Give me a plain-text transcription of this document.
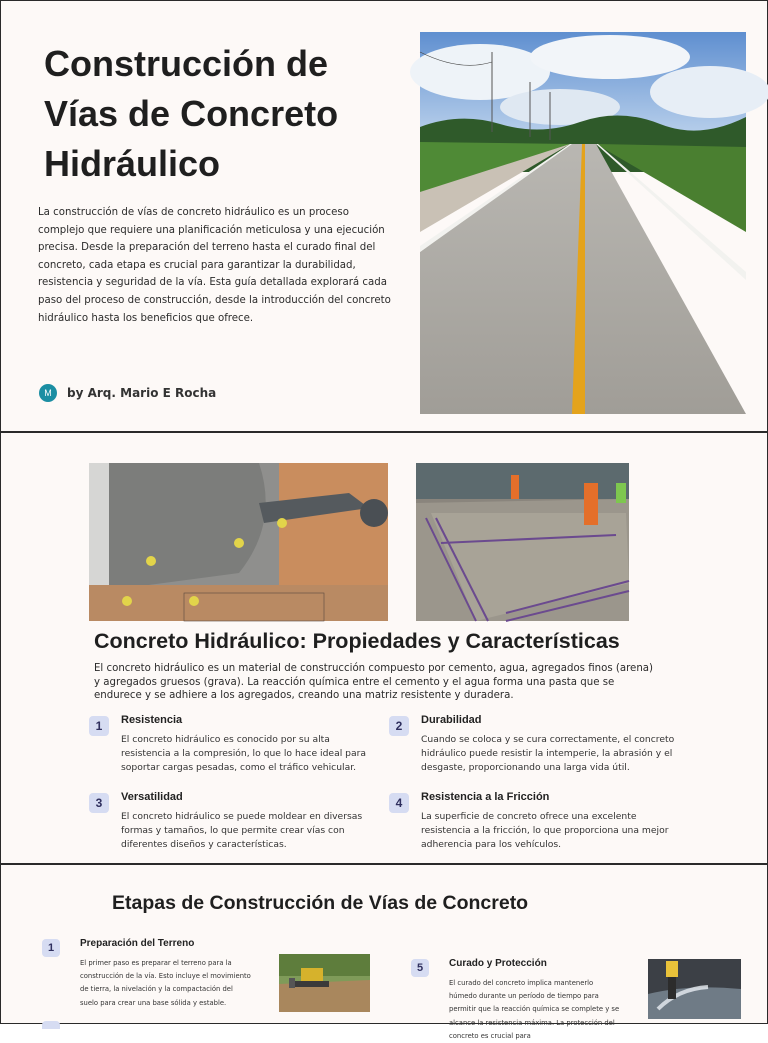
Construcción de Vías de Concreto Hidráulico

La construcción de vías de concreto hidráulico es un proceso complejo que requiere una planificación meticulosa y una ejecución precisa. Desde la preparación del terreno hasta el curado final del concreto, cada etapa es crucial para garantizar la durabilidad, resistencia y seguridad de la vía. Esta guía detallada explorará cada paso del proceso de construcción, desde la introducción del concreto hidráulico hasta los beneficios que ofrece.

M	by Arq. Mario E Rocha
Concreto Hidráulico: Propiedades y Características

El concreto hidráulico es un material de construcción compuesto por cemento, agua, agregados finos (arena) y agregados gruesos (grava). La reacción química entre el cemento y el agua forma una pasta que se endurece y se adhiere a los agregados, creando una matriz resistente y duradera.

1	Resistencia
El concreto hidráulico es conocido por su alta resistencia a la compresión, lo que lo hace ideal para soportar cargas pesadas, como el tráfico vehicular.
2	Durabilidad
Cuando se coloca y se cura correctamente, el concreto hidráulico puede resistir la intemperie, la abrasión y el desgaste, proporcionando una larga vida útil.
3	Versatilidad
El concreto hidráulico se puede moldear en diversas formas y tamaños, lo que permite crear vías con diferentes diseños y características.
4	Resistencia a la Fricción
La superficie de concreto ofrece una excelente resistencia a la fricción, lo que proporciona una mejor adherencia para los vehículos.
Etapas de Construcción de Vías de Concreto
1	Preparación del Terreno
El primer paso es preparar el terreno para la construcción de la vía. Esto incluye el movimiento de tierra, la nivelación y la compactación del suelo para crear una base sólida y estable.
5	Curado y Protección
El curado del concreto implica mantenerlo húmedo durante un período de tiempo para permitir que la reacción química se complete y se alcance la resistencia máxima. La protección del concreto es crucial para
